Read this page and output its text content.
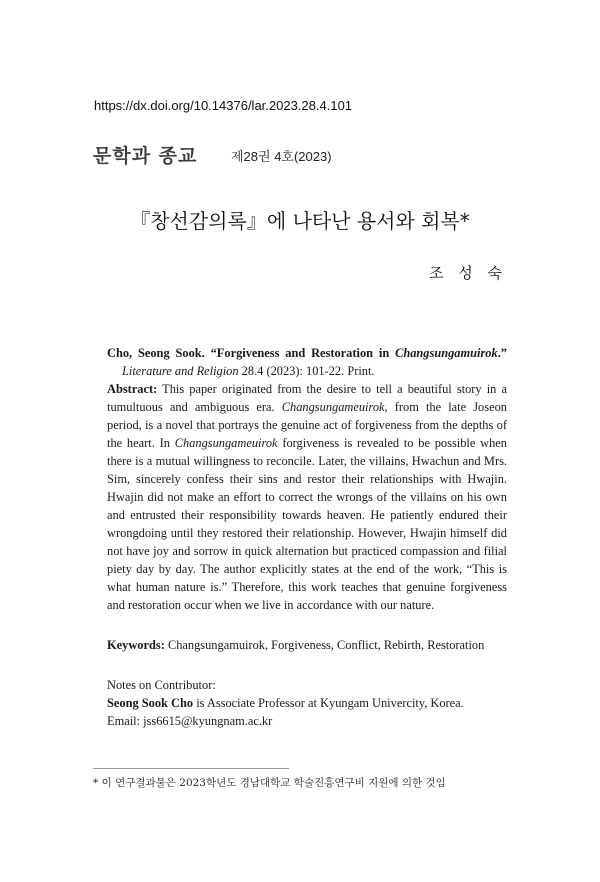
https://dx.doi.org/10.14376/lar.2023.28.4.101
문학과 종교	제28권 4호(2023)
『창선감의록』에 나타난 용서와 회복*
조 성 숙

Cho, Seong Sook. “Forgiveness and Restoration in Changsungamuirok.” Literature and Religion 28.4 (2023): 101-22. Print.

Abstract: This paper originated from the desire to tell a beautiful story in a tumultuous and ambiguous era. Changsungameuirok, from the late Joseon period, is a novel that portrays the genuine act of forgiveness from the depths of the heart. In Changsungameuirok forgiveness is revealed to be possible when there is a mutual willingness to reconcile. Later, the villains, Hwachun and Mrs. Sim, sincerely confess their sins and restor their relationships with Hwajin. Hwajin did not make an effort to correct the wrongs of the villains on his own and entrusted their responsibility towards heaven. He patiently endured their wrongdoing until they restored their relationship. However, Hwajin himself did not have joy and sorrow in quick alternation but practiced compassion and filial piety day by day. The author explicitly states at the end of the work, “This is what human nature is.” Therefore, this work teaches that genuine forgiveness and restoration occur when we live in accordance with our nature.

Keywords: Changsungamuirok, Forgiveness, Conflict, Rebirth, Restoration

Notes on Contributor:
Seong Sook Cho is Associate Professor at Kyungam Univercity, Korea.
Email: jss6615@kyungnam.ac.kr
* 이 연구결과물은 2023학년도 경남대학교 학술진흥연구비 지원에 의한 것임
